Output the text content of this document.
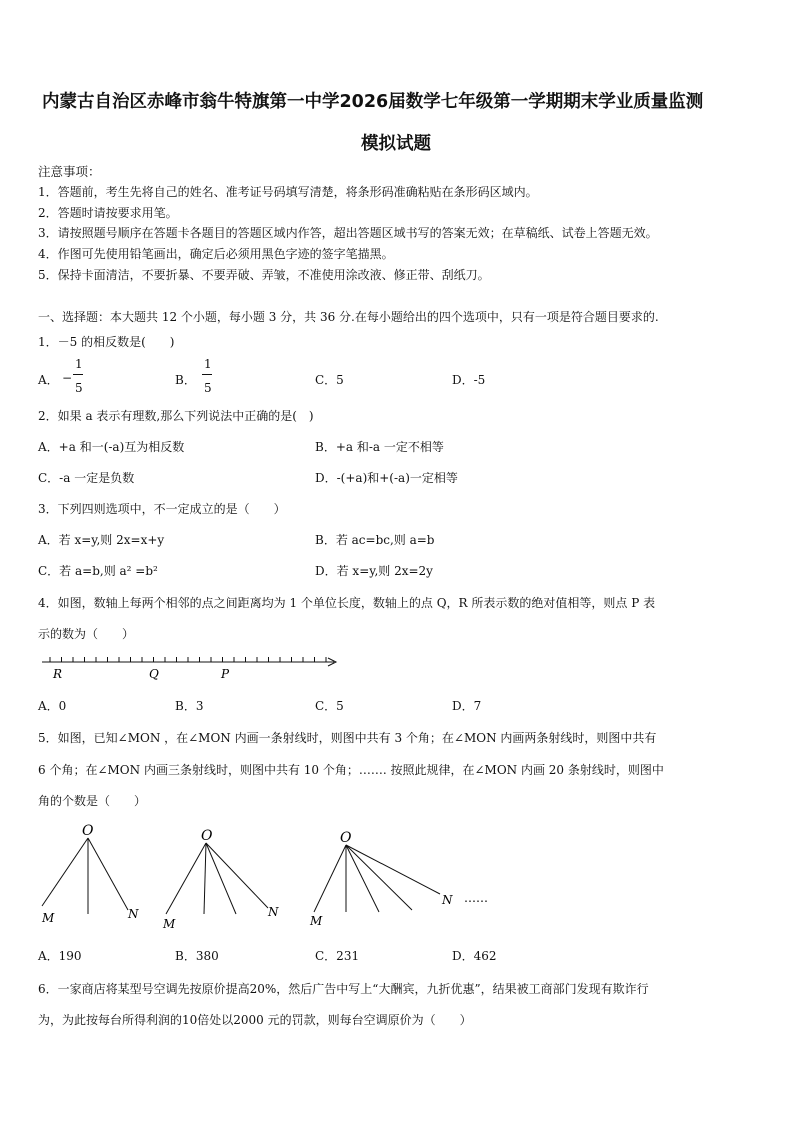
内蒙古自治区赤峰市翁牛特旗第一中学2026届数学七年级第一学期期末学业质量监测
模拟试题
注意事项：
1．答题前，考生先将自己的姓名、准考证号码填写清楚，将条形码准确粘贴在条形码区域内。
2．答题时请按要求用笔。
3．请按照题号顺序在答题卡各题目的答题区域内作答，超出答题区域书写的答案无效；在草稿纸、试卷上答题无效。
4．作图可先使用铅笔画出，确定后必须用黑色字迹的签字笔描黑。
5．保持卡面清洁，不要折暴、不要弄破、弄皱，不准使用涂改液、修正带、刮纸刀。
一、选择题：本大题共 12 个小题，每小题 3 分，共 36 分.在每小题给出的四个选项中，只有一项是符合题目要求的.
1．－5 的相反数是(　　)
A． −
1
5
B．
1
5
C．5	D．-5
2．如果 a 表示有理数,那么下列说法中正确的是(　)
A．+a 和一(-a)互为相反数	B．+a 和-a 一定不相等
C．-a 一定是负数	D．-(+a)和+(-a)一定相等
3．下列四则选项中，不一定成立的是（　　）
A．若 x=y,则 2x=x+y	B．若 ac=bc,则 a=b
C．若 a=b,则 a² =b²	D．若 x=y,则 2x=2y
4．如图，数轴上每两个相邻的点之间距离均为 1 个单位长度，数轴上的点 Q，R 所表示数的绝对值相等，则点 P 表
示的数为（　　）
R	Q	P
A．0	B．3	C．5	D．7
5．如图，已知∠MON ，在∠MON 内画一条射线时，则图中共有 3 个角；在∠MON 内画两条射线时，则图中共有
6 个角；在∠MON 内画三条射线时，则图中共有 10 个角；……. 按照此规律，在∠MON 内画 20 条射线时，则图中
角的个数是（　　）
O
M	N
O
M
N
O
M
N ……
A．190	B．380	C．231	D．462
6．一家商店将某型号空调先按原价提高20%，然后广告中写上“大酬宾，九折优惠”，结果被工商部门发现有欺诈行
为，为此按每台所得利润的10倍处以2000 元的罚款，则每台空调原价为（　　）
